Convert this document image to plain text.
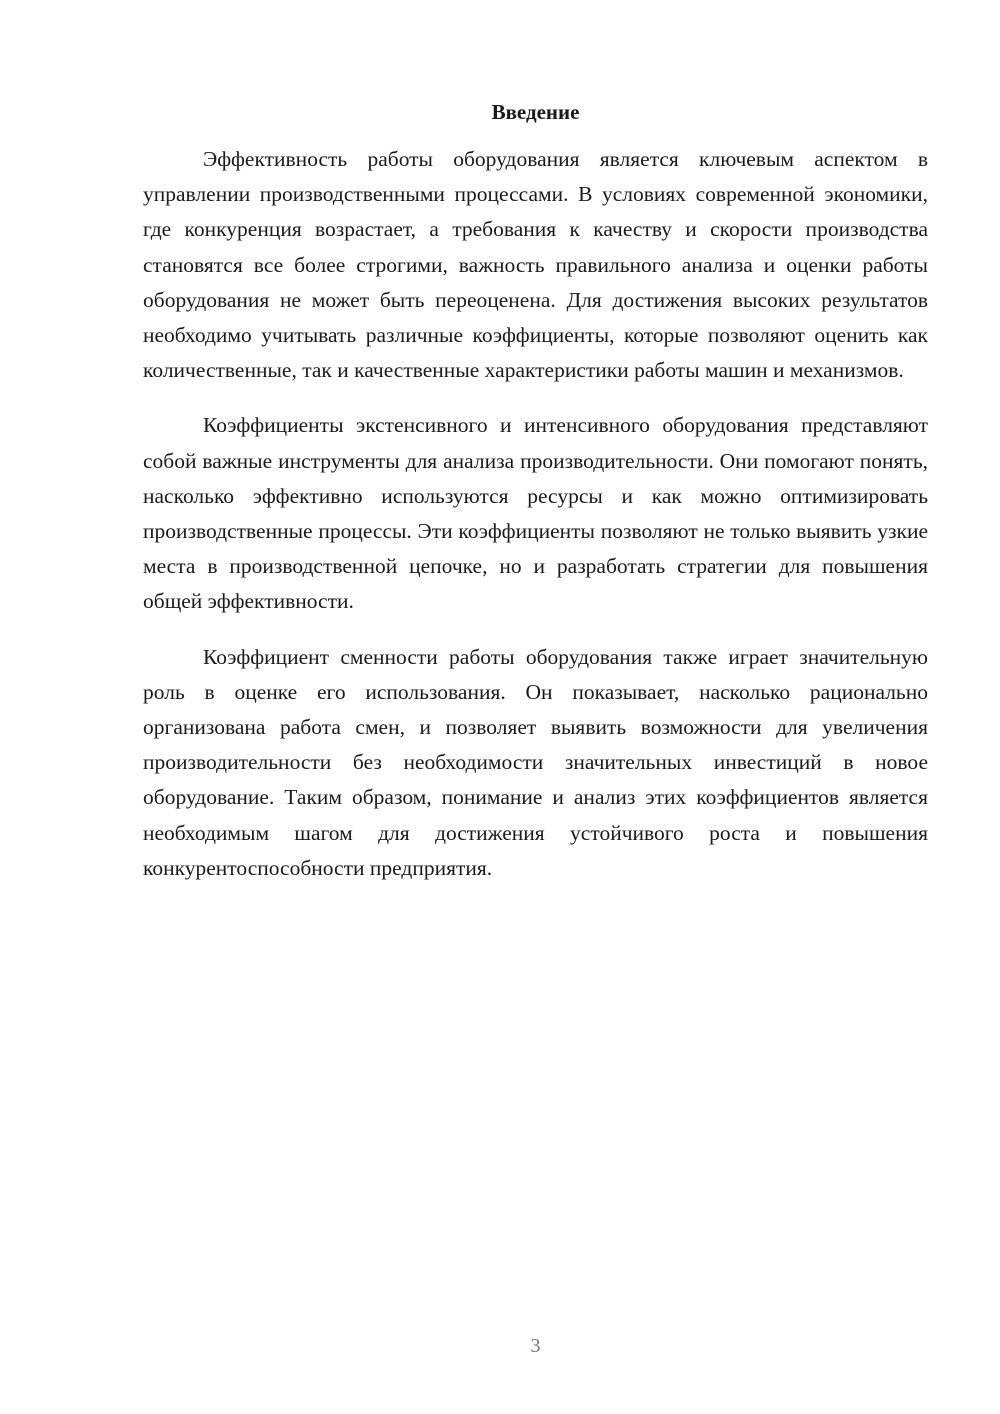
Введение

Эффективность работы оборудования является ключевым аспектом в управлении производственными процессами. В условиях современной экономики, где конкуренция возрастает, а требования к качеству и скорости производства становятся все более строгими, важность правильного анализа и оценки работы оборудования не может быть переоценена. Для достижения высоких результатов необходимо учитывать различные коэффициенты, которые позволяют оценить как количественные, так и качественные характеристики работы машин и механизмов.

Коэффициенты экстенсивного и интенсивного оборудования представляют собой важные инструменты для анализа производительности. Они помогают понять, насколько эффективно используются ресурсы и как можно оптимизировать производственные процессы. Эти коэффициенты позволяют не только выявить узкие места в производственной цепочке, но и разработать стратегии для повышения общей эффективности.

Коэффициент сменности работы оборудования также играет значительную роль в оценке его использования. Он показывает, насколько рационально организована работа смен, и позволяет выявить возможности для увеличения производительности без необходимости значительных инвестиций в новое оборудование. Таким образом, понимание и анализ этих коэффициентов является необходимым шагом для достижения устойчивого роста и повышения конкурентоспособности предприятия.

3
